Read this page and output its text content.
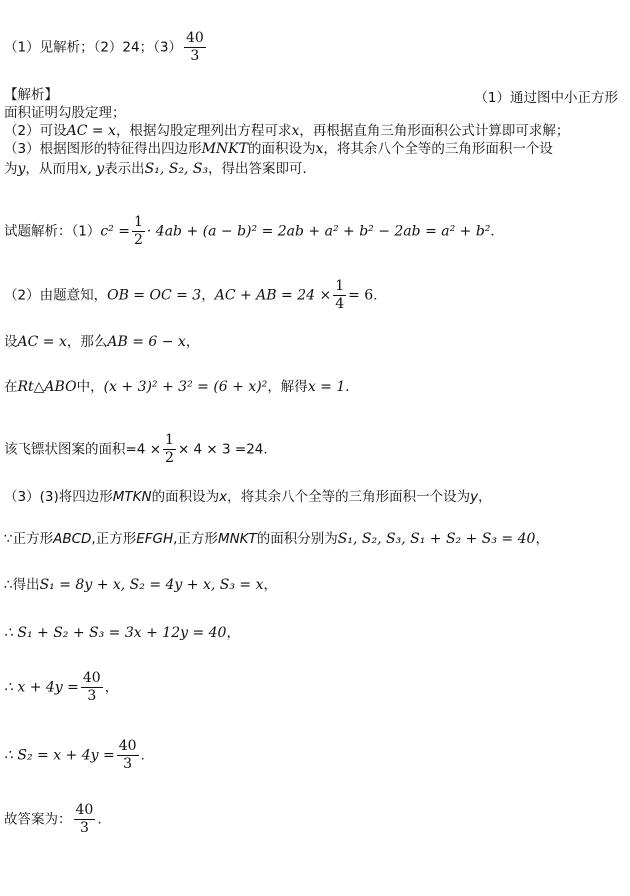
（1）见解析；（2）24；$(3) \frac{40}{3}$
【解析】	（1）通过图中小正方形
面积证明勾股定理；
（2）可设AC = x，根据勾股定理列出方程可求x，再根据直角三角形面积公式计算即可求解；
（3）根据图形的特征得出四边形MNKT的面积设为x，将其余八个全等的三角形面积一个设
为y，从而用x, y表示出S₁, S₂, S₃，得出答案即可．
试题解析：$(1)c^2 = \frac{1}{2} \cdot 4ab + (a - b)^2 = 2ab + a^2 + b^2 - 2ab = a^2 + b^2$．
（2）由题意知，OB = OC = 3，AC + AB = $24 \times \frac{1}{4} = 6$．
设AC = x，那么AB = 6 − x，
在Rt△ABO中，(x + 3)² + 3² = (6 + x)²，解得x = 1．
该飞镖状图案的面积$=4 \times \frac{1}{2} \times 4 \times 3 =24$.
（3）(3)将四边形MTKN的面积设为x，将其余八个全等的三角形面积一个设为y，
∵正方形ABCD,正方形EFGH,正方形MNKT的面积分别为S₁, S₂, S₃, S₁ + S₂ + S₃ = 40，
∴得出S₁ = 8y + x, S₂ = 4y + x, S₃ = x，
∴ S₁ + S₂ + S₃ = 3x + 12y = 40，
∴ $x + 4y = \frac{40}{3}$ ，
∴ $S_2 = x + 4y = \frac{40}{3}$ .
故答案为： $\frac{40}{3}$ .
